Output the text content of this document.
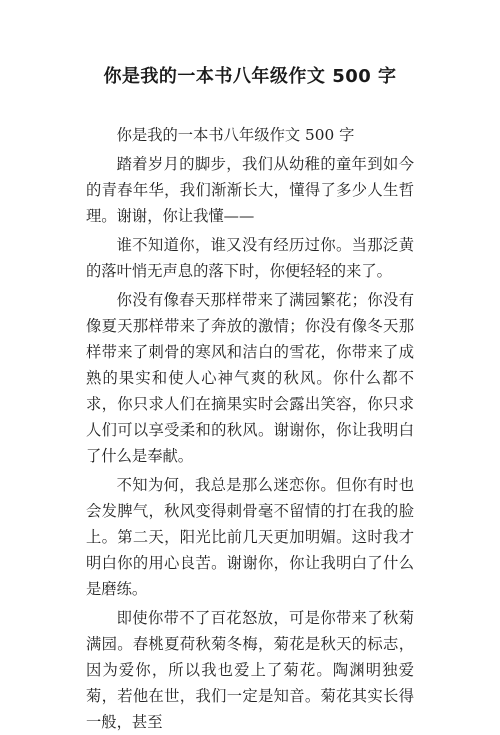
你是我的一本书八年级作文 500 字

你是我的一本书八年级作文 500 字

踏着岁月的脚步，我们从幼稚的童年到如今的青春年华，我们渐渐长大，懂得了多少人生哲理。谢谢，你让我懂——

谁不知道你，谁又没有经历过你。当那泛黄的落叶悄无声息的落下时，你便轻轻的来了。

你没有像春天那样带来了满园繁花；你没有像夏天那样带来了奔放的激情；你没有像冬天那样带来了刺骨的寒风和洁白的雪花，你带来了成熟的果实和使人心神气爽的秋风。你什么都不求，你只求人们在摘果实时会露出笑容，你只求人们可以享受柔和的秋风。谢谢你，你让我明白了什么是奉献。

不知为何，我总是那么迷恋你。但你有时也会发脾气，秋风变得刺骨毫不留情的打在我的脸上。第二天，阳光比前几天更加明媚。这时我才明白你的用心良苦。谢谢你，你让我明白了什么是磨练。

即使你带不了百花怒放，可是你带来了秋菊满园。春桃夏荷秋菊冬梅，菊花是秋天的标志，因为爱你，所以我也爱上了菊花。陶渊明独爱菊，若他在世，我们一定是知音。菊花其实长得一般，甚至
